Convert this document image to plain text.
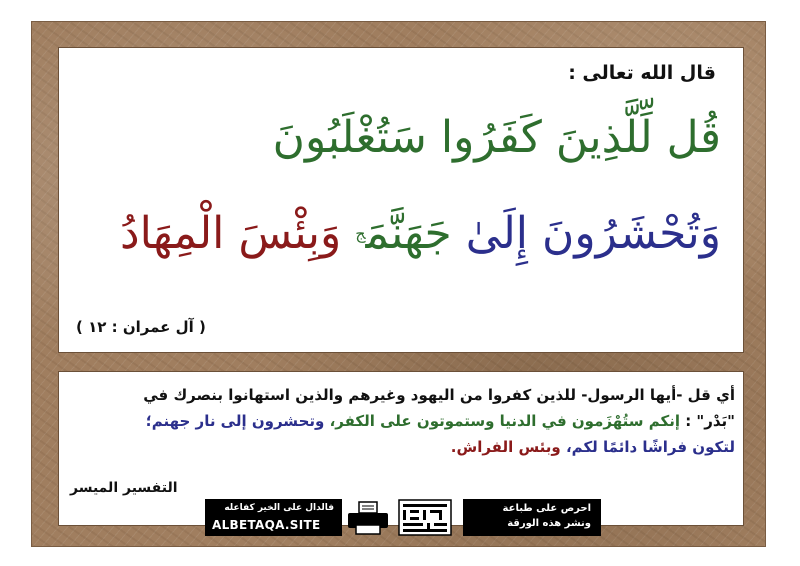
قال الله تعالى :
قُل لِّلَّذِينَ كَفَرُوا سَتُغْلَبُونَ
وَتُحْشَرُونَ إِلَىٰ جَهَنَّمَ$^ج$ وَبِئْسَ الْمِهَادُ
( آل عمران : ١٢ )
أي قل -أيها الرسول- للذين كفروا من اليهود وغيرهم والذين استهانوا بنصرك في
"بَدْر" : إنكم ستُهْزَمون في الدنيا وستموتون على الكفر، وتحشرون إلى نار جهنم؛
لتكون فراشًا دائمًا لكم، وبئس الفراش.
التفسير الميسر
فالدال على الخير كفاعله
ALBETAQA.SITE
احرص على طباعة
ونشر هذه الورقة
